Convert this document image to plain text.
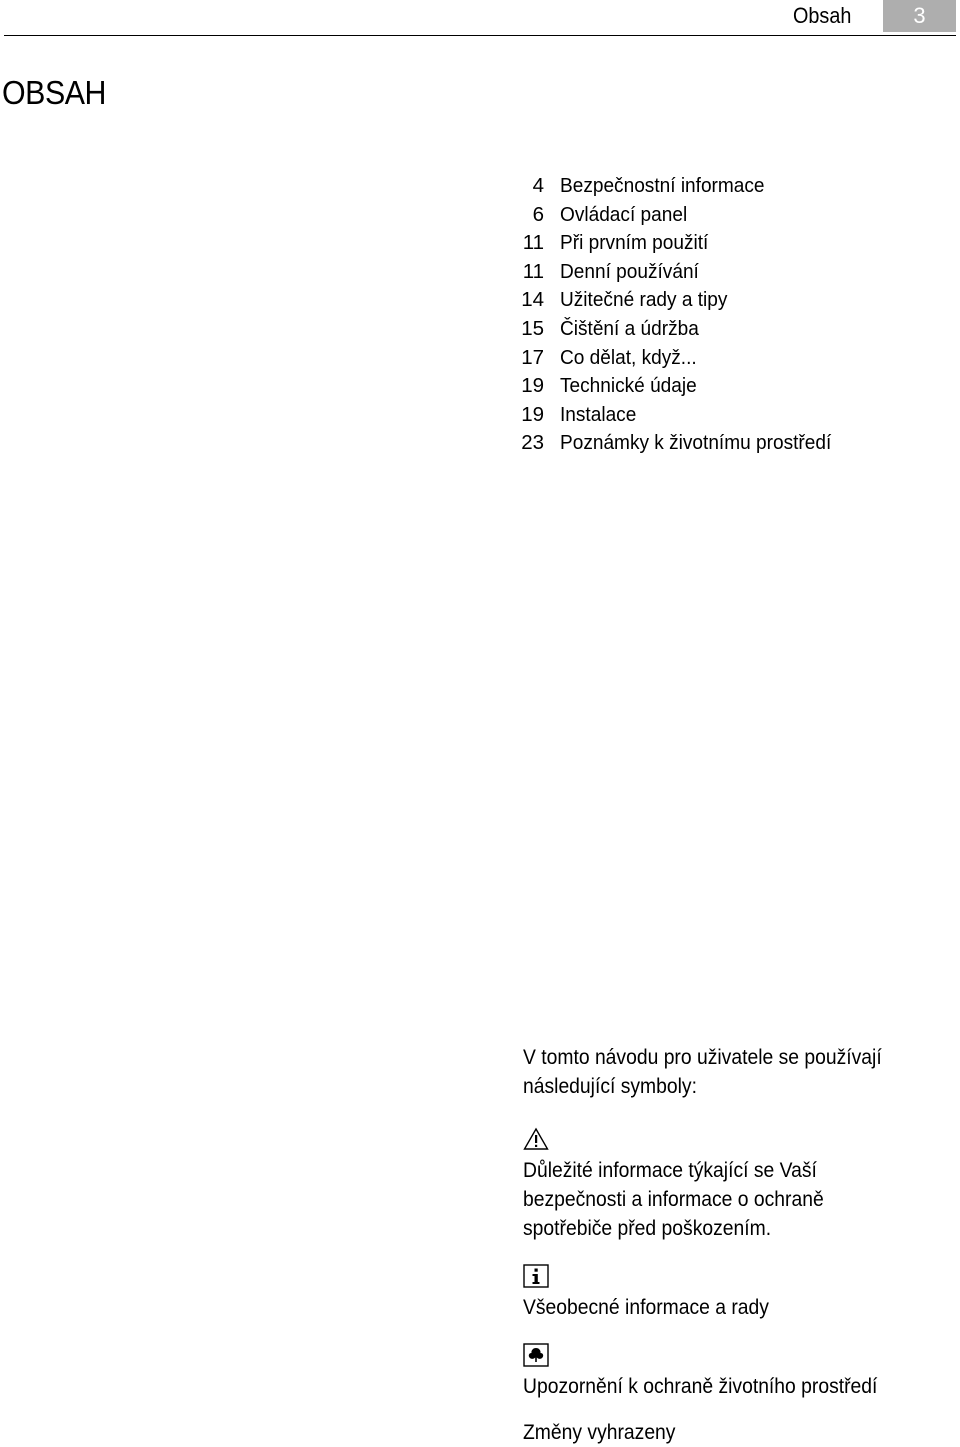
Obsah	3
OBSAH
4 Bezpečnostní informace
6 Ovládací panel
11 Při prvním použití
11 Denní používání
14 Užitečné rady a tipy
15 Čištění a údržba
17 Co dělat, když...
19 Technické údaje
19 Instalace
23 Poznámky k životnímu prostředí

V tomto návodu pro uživatele se používají

následující symboly:

Důležité informace týkající se Vaší

bezpečnosti a informace o ochraně

spotřebiče před poškozením.

Všeobecné informace a rady

Upozornění k ochraně životního prostředí

Změny vyhrazeny
